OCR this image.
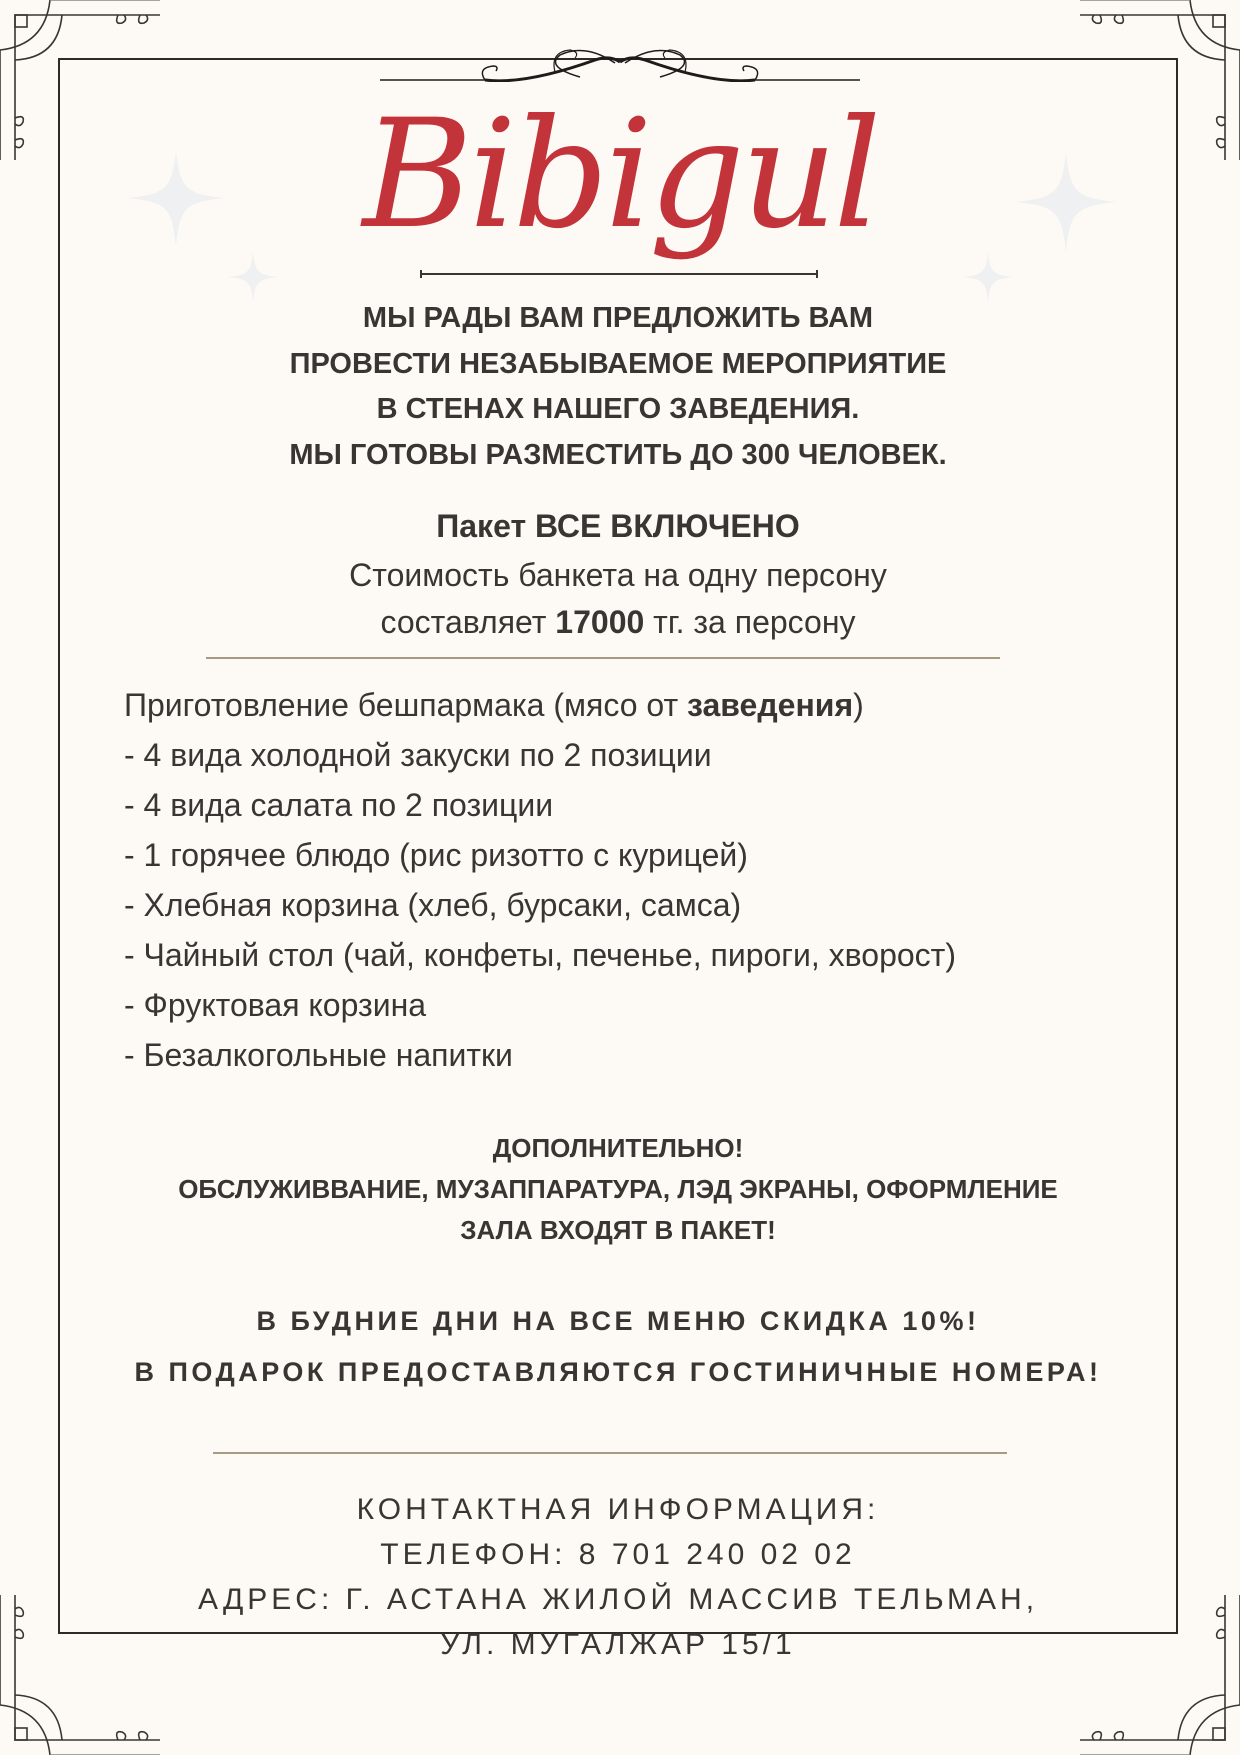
Bibigul
МЫ РАДЫ ВАМ ПРЕДЛОЖИТЬ ВАМ
ПРОВЕСТИ НЕЗАБЫВАЕМОЕ МЕРОПРИЯТИЕ
В СТЕНАХ НАШЕГО ЗАВЕДЕНИЯ.
МЫ ГОТОВЫ РАЗМЕСТИТЬ ДО 300 ЧЕЛОВЕК.
Пакет ВСЕ ВКЛЮЧЕНО
Стоимость банкета на одну персону
составляет 17000 тг. за персону
Приготовление бешпармака (мясо от заведения)
- 4 вида холодной закуски по 2 позиции
- 4 вида салата по 2 позиции
- 1 горячее блюдо (рис ризотто с курицей)
- Хлебная корзина (хлеб, бурсаки, самса)
- Чайный стол (чай, конфеты, печенье, пироги, хворост)
- Фруктовая корзина
- Безалкогольные напитки
ДОПОЛНИТЕЛЬНО!
ОБСЛУЖИВВАНИЕ, МУЗАППАРАТУРА, ЛЭД ЭКРАНЫ, ОФОРМЛЕНИЕ
ЗАЛА ВХОДЯТ В ПАКЕТ!
В БУДНИЕ ДНИ НА ВСЕ МЕНЮ СКИДКА 10%!
В ПОДАРОК ПРЕДОСТАВЛЯЮТСЯ ГОСТИНИЧНЫЕ НОМЕРА!
КОНТАКТНАЯ ИНФОРМАЦИЯ:
ТЕЛЕФОН: 8 701 240 02 02
АДРЕС: Г. АСТАНА ЖИЛОЙ МАССИВ ТЕЛЬМАН,
УЛ. МУГАЛЖАР 15/1
